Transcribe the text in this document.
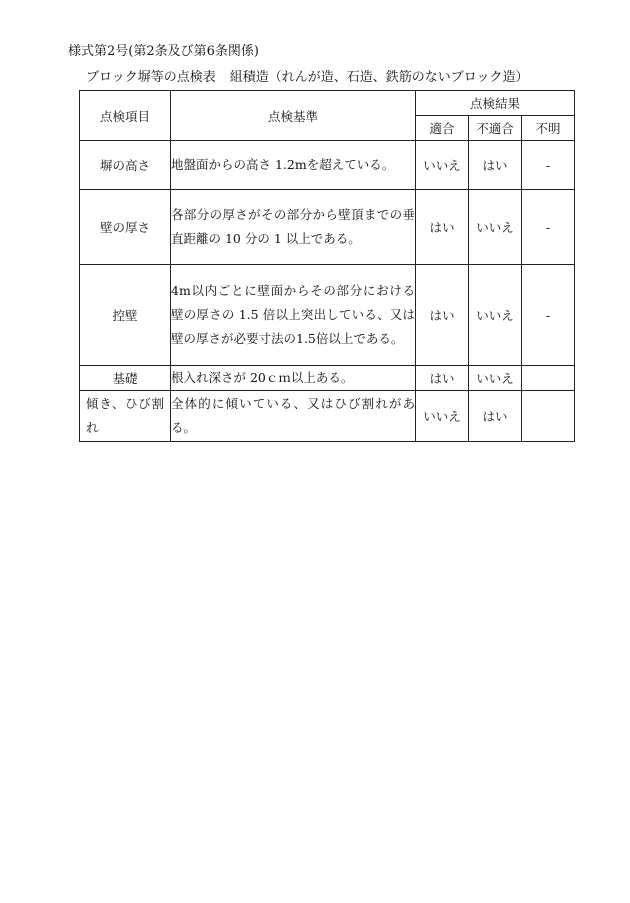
様式第2号(第2条及び第6条関係)
ブロック塀等の点検表 組積造（れんが造、石造、鉄筋のないブロック造）
点検項目	点検基準	点検結果		
		適合	不適合	不明
塀の高さ	地盤面からの高さ 1.2mを超えている。	いいえ	はい	-
壁の厚さ	各部分の厚さがその部分から壁頂までの垂直距離の 10 分の 1 以上である。	はい	いいえ	-
控壁	4m以内ごとに壁面からその部分における壁の厚さの 1.5 倍以上突出している、又は壁の厚さが必要寸法の1.5倍以上である。	はい	いいえ	-
基礎	根入れ深さが 20ｃｍ以上ある。	はい	いいえ	
傾き、ひび割れ	全体的に傾いている、又はひび割れがある。	いいえ	はい	
